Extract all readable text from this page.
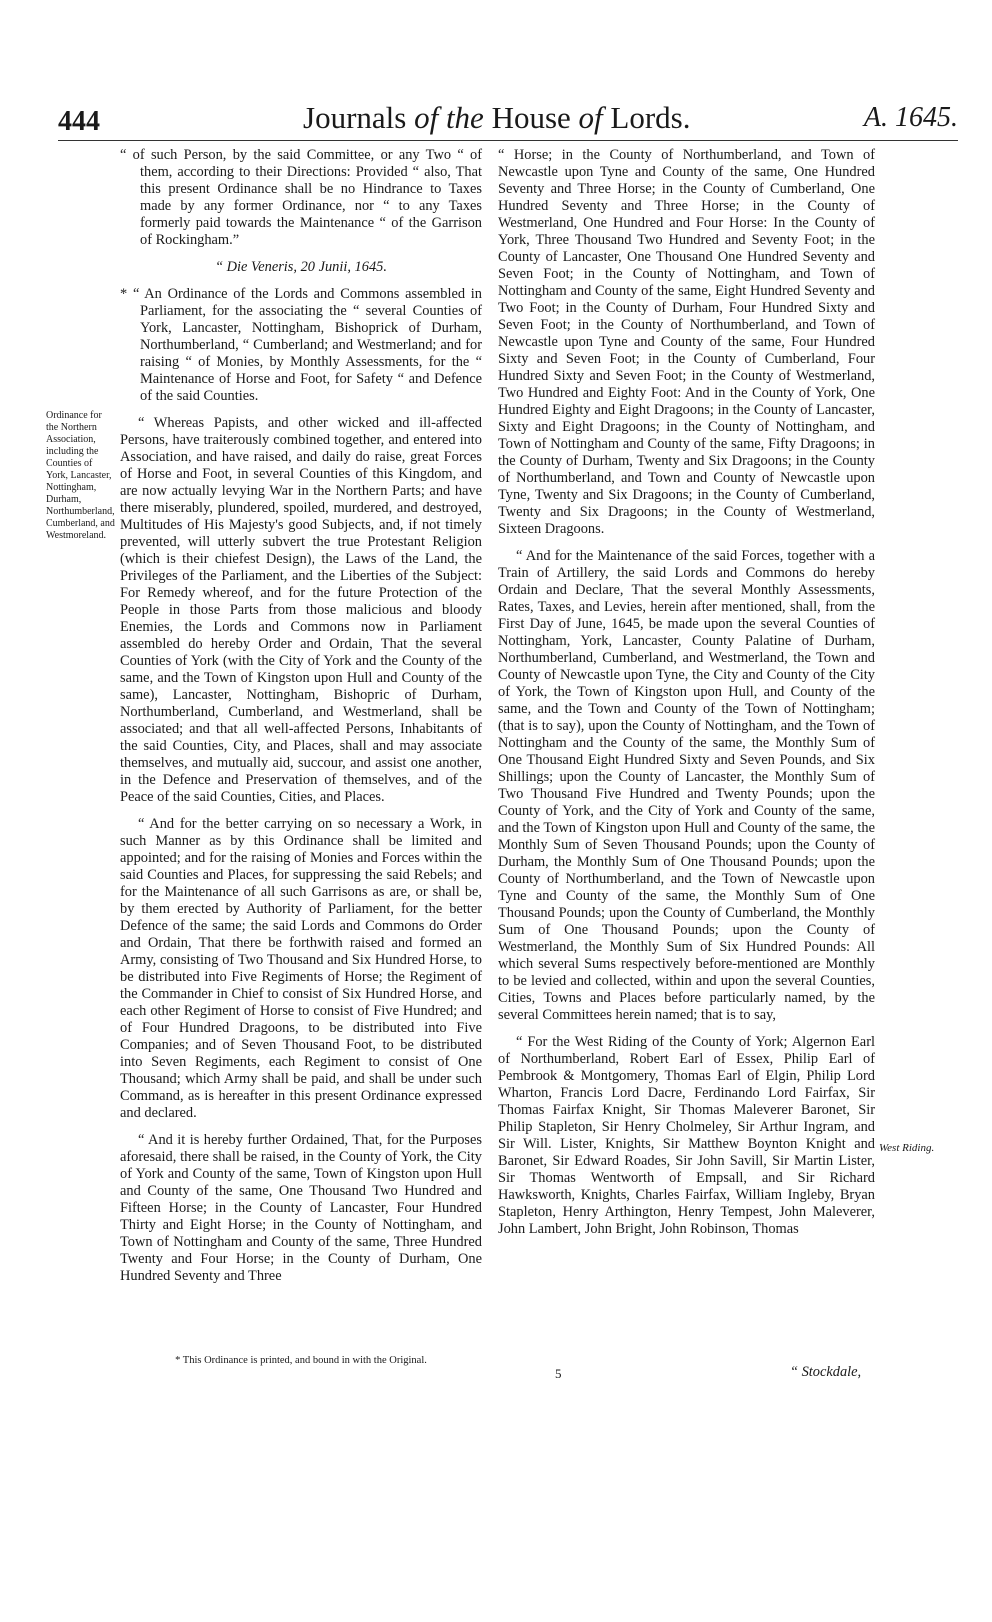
444	Journals of the House of Lords.	A. 1645.

“ of such Person, by the said Committee, or any Two “ of them, according to their Directions: Provided “ also, That this present Ordinance shall be no Hindrance to Taxes made by any former Ordinance, nor “ to any Taxes formerly paid towards the Maintenance “ of the Garrison of Rockingham.”

“ Die Veneris, 20 Junii, 1645.

* “ An Ordinance of the Lords and Commons assembled in Parliament, for the associating the “ several Counties of York, Lancaster, Nottingham, Bishoprick of Durham, Northumberland, “ Cumberland; and Westmerland; and for raising “ of Monies, by Monthly Assessments, for the “ Maintenance of Horse and Foot, for Safety “ and Defence of the said Counties.

“ Whereas Papists, and other wicked and ill-affected Persons, have traiterously combined together, and entered into Association, and have raised, and daily do raise, great Forces of Horse and Foot, in several Counties of this Kingdom, and are now actually levying War in the Northern Parts; and have there miserably, plundered, spoiled, murdered, and destroyed, Multitudes of His Majesty's good Subjects, and, if not timely prevented, will utterly subvert the true Protestant Religion (which is their chiefest Design), the Laws of the Land, the Privileges of the Parliament, and the Liberties of the Subject: For Remedy whereof, and for the future Protection of the People in those Parts from those malicious and bloody Enemies, the Lords and Commons now in Parliament assembled do hereby Order and Ordain, That the several Counties of York (with the City of York and the County of the same, and the Town of Kingston upon Hull and County of the same), Lancaster, Nottingham, Bishopric of Durham, Northumberland, Cumberland, and Westmerland, shall be associated; and that all well-affected Persons, Inhabitants of the said Counties, City, and Places, shall and may associate themselves, and mutually aid, succour, and assist one another, in the Defence and Preservation of themselves, and of the Peace of the said Counties, Cities, and Places.

“ And for the better carrying on so necessary a Work, in such Manner as by this Ordinance shall be limited and appointed; and for the raising of Monies and Forces within the said Counties and Places, for suppressing the said Rebels; and for the Maintenance of all such Garrisons as are, or shall be, by them erected by Authority of Parliament, for the better Defence of the same; the said Lords and Commons do Order and Ordain, That there be forthwith raised and formed an Army, consisting of Two Thousand and Six Hundred Horse, to be distributed into Five Regiments of Horse; the Regiment of the Commander in Chief to consist of Six Hundred Horse, and each other Regiment of Horse to consist of Five Hundred; and of Four Hundred Dragoons, to be distributed into Five Companies; and of Seven Thousand Foot, to be distributed into Seven Regiments, each Regiment to consist of One Thousand; which Army shall be paid, and shall be under such Command, as is hereafter in this present Ordinance expressed and declared.

“ And it is hereby further Ordained, That, for the Purposes aforesaid, there shall be raised, in the County of York, the City of York and County of the same, Town of Kingston upon Hull and County of the same, One Thousand Two Hundred and Fifteen Horse; in the County of Lancaster, Four Hundred Thirty and Eight Horse; in the County of Nottingham, and Town of Nottingham and County of the same, Three Hundred Twenty and Four Horse; in the County of Durham, One Hundred Seventy and Three

Ordinance for the Northern Association, including the Counties of York, Lancaster, Nottingham, Durham, Northumberland, Cumberland, and Westmoreland.
West Riding.

“ Horse; in the County of Northumberland, and Town of Newcastle upon Tyne and County of the same, One Hundred Seventy and Three Horse; in the County of Cumberland, One Hundred Seventy and Three Horse; in the County of Westmerland, One Hundred and Four Horse: In the County of York, Three Thousand Two Hundred and Seventy Foot; in the County of Lancaster, One Thousand One Hundred Seventy and Seven Foot; in the County of Nottingham, and Town of Nottingham and County of the same, Eight Hundred Seventy and Two Foot; in the County of Durham, Four Hundred Sixty and Seven Foot; in the County of Northumberland, and Town of Newcastle upon Tyne and County of the same, Four Hundred Sixty and Seven Foot; in the County of Cumberland, Four Hundred Sixty and Seven Foot; in the County of Westmerland, Two Hundred and Eighty Foot: And in the County of York, One Hundred Eighty and Eight Dragoons; in the County of Lancaster, Sixty and Eight Dragoons; in the County of Nottingham, and Town of Nottingham and County of the same, Fifty Dragoons; in the County of Durham, Twenty and Six Dragoons; in the County of Northumberland, and Town and County of Newcastle upon Tyne, Twenty and Six Dragoons; in the County of Cumberland, Twenty and Six Dragoons; in the County of Westmerland, Sixteen Dragoons.

“ And for the Maintenance of the said Forces, together with a Train of Artillery, the said Lords and Commons do hereby Ordain and Declare, That the several Monthly Assessments, Rates, Taxes, and Levies, herein after mentioned, shall, from the First Day of June, 1645, be made upon the several Counties of Nottingham, York, Lancaster, County Palatine of Durham, Northumberland, Cumberland, and Westmerland, the Town and County of Newcastle upon Tyne, the City and County of the City of York, the Town of Kingston upon Hull, and County of the same, and the Town and County of the Town of Nottingham; (that is to say), upon the County of Nottingham, and the Town of Nottingham and the County of the same, the Monthly Sum of One Thousand Eight Hundred Sixty and Seven Pounds, and Six Shillings; upon the County of Lancaster, the Monthly Sum of Two Thousand Five Hundred and Twenty Pounds; upon the County of York, and the City of York and County of the same, and the Town of Kingston upon Hull and County of the same, the Monthly Sum of Seven Thousand Pounds; upon the County of Durham, the Monthly Sum of One Thousand Pounds; upon the County of Northumberland, and the Town of Newcastle upon Tyne and County of the same, the Monthly Sum of One Thousand Pounds; upon the County of Cumberland, the Monthly Sum of One Thousand Pounds; upon the County of Westmerland, the Monthly Sum of Six Hundred Pounds: All which several Sums respectively before-mentioned are Monthly to be levied and collected, within and upon the several Counties, Cities, Towns and Places before particularly named, by the several Committees herein named; that is to say,

“ For the West Riding of the County of York; Algernon Earl of Northumberland, Robert Earl of Essex, Philip Earl of Pembrook & Montgomery, Thomas Earl of Elgin, Philip Lord Wharton, Francis Lord Dacre, Ferdinando Lord Fairfax, Sir Thomas Fairfax Knight, Sir Thomas Maleverer Baronet, Sir Philip Stapleton, Sir Henry Cholmeley, Sir Arthur Ingram, and Sir Will. Lister, Knights, Sir Matthew Boynton Knight and Baronet, Sir Edward Roades, Sir John Savill, Sir Martin Lister, Sir Thomas Wentworth of Empsall, and Sir Richard Hawksworth, Knights, Charles Fairfax, William Ingleby, Bryan Stapleton, Henry Arthington, Henry Tempest, John Maleverer, John Lambert, John Bright, John Robinson, Thomas

* This Ordinance is printed, and bound in with the Original.
5	“ Stockdale,
